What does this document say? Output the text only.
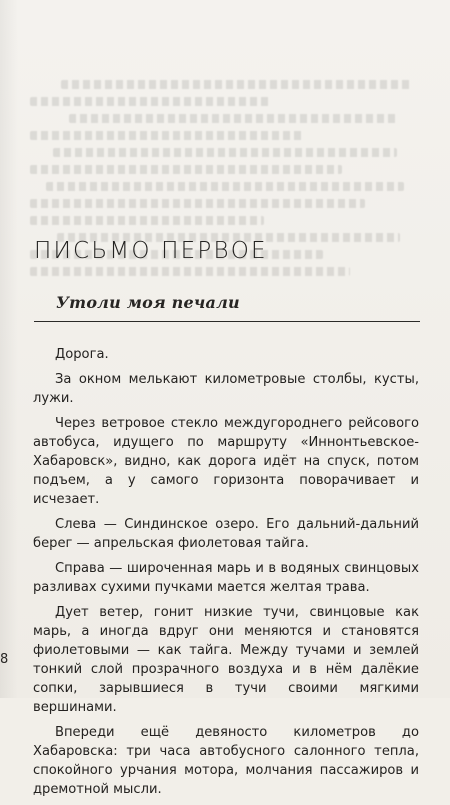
ПИСЬМО ПЕРВОЕ
Утоли моя печали

Дорога.

За окном мелькают километровые столбы, кусты, лужи.

Через ветровое стекло междугороднего рейсового автобуса, идущего по маршруту «Иннонтьевское-Хабаровск», видно, как дорога идёт на спуск, потом подъем, а у самого горизонта поворачивает и исчезает.

Слева — Синдинское озеро. Его дальний-дальний берег — апрельская фиолетовая тайга.

Справа — широченная марь и в водяных свинцовых разливах сухими пучками мается желтая трава.

Дует ветер, гонит низкие тучи, свинцовые как марь, а иногда вдруг они меняются и становятся фиолетовыми — как тайга. Между тучами и землей тонкий слой прозрачного воздуха и в нём далёкие сопки, зарывшиеся в тучи своими мягкими вершинами.

Впереди ещё девяносто километров до Хабаровска: три часа автобусного салонного тепла, спокойного урчания мотора, молчания пассажиров и дремотной мысли.

8
